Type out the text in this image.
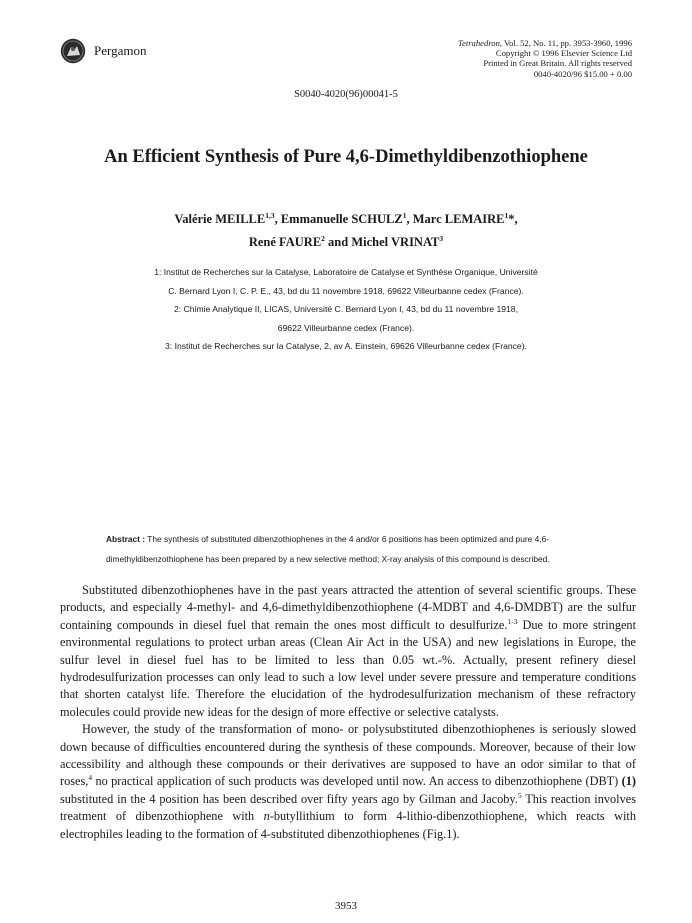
Pergamon	Tetrahedron, Vol. 52, No. 11, pp. 3953-3960, 1996
Copyright © 1996 Elsevier Science Ltd
Printed in Great Britain. All rights reserved
0040-4020/96 $15.00 + 0.00
S0040-4020(96)00041-5
An Efficient Synthesis of Pure 4,6-Dimethyldibenzothiophene
Valérie MEILLE$^{1,3}$, Emmanuelle SCHULZ$^1$, Marc LEMAIRE$^1$*,
René FAURE$^2$ and Michel VRINAT$^3$
1: Institut de Recherches sur la Catalyse, Laboratoire de Catalyse et Synthèse Organique, Université
C. Bernard Lyon I, C. P. E., 43, bd du 11 novembre 1918, 69622 Villeurbanne cedex (France).
2: Chimie Analytique II, LICAS, Université C. Bernard Lyon I, 43, bd du 11 novembre 1918,
69622 Villeurbanne cedex (France).
3: Institut de Recherches sur la Catalyse, 2, av A. Einstein, 69626 Villeurbanne cedex (France).
Abstract : The synthesis of substituted dibenzothiophenes in the 4 and/or 6 positions has been optimized and pure 4,6-dimethyldibenzothiophene has been prepared by a new selective method; X-ray analysis of this compound is described.

Substituted dibenzothiophenes have in the past years attracted the attention of several scientific groups. These products, and especially 4-methyl- and 4,6-dimethyldibenzothiophene (4-MDBT and 4,6-DMDBT) are the sulfur containing compounds in diesel fuel that remain the ones most difficult to desulfurize.$^{1-3}$ Due to more stringent environmental regulations to protect urban areas (Clean Air Act in the USA) and new legislations in Europe, the sulfur level in diesel fuel has to be limited to less than 0.05 wt.-%. Actually, present refinery diesel hydrodesulfurization processes can only lead to such a low level under severe pressure and temperature conditions that shorten catalyst life. Therefore the elucidation of the hydrodesulfurization mechanism of these refractory molecules could provide new ideas for the design of more effective or selective catalysts.

However, the study of the transformation of mono- or polysubstituted dibenzothiophenes is seriously slowed down because of difficulties encountered during the synthesis of these compounds. Moreover, because of their low accessibility and although these compounds or their derivatives are supposed to have an odor similar to that of roses,$^4$ no practical application of such products was developed until now. An access to dibenzothiophene (DBT) (1) substituted in the 4 position has been described over fifty years ago by Gilman and Jacoby.$^5$ This reaction involves treatment of dibenzothiophene with n-butyllithium to form 4-lithio-dibenzothiophene, which reacts with electrophiles leading to the formation of 4-substituted dibenzothiophenes (Fig.1).

3953
